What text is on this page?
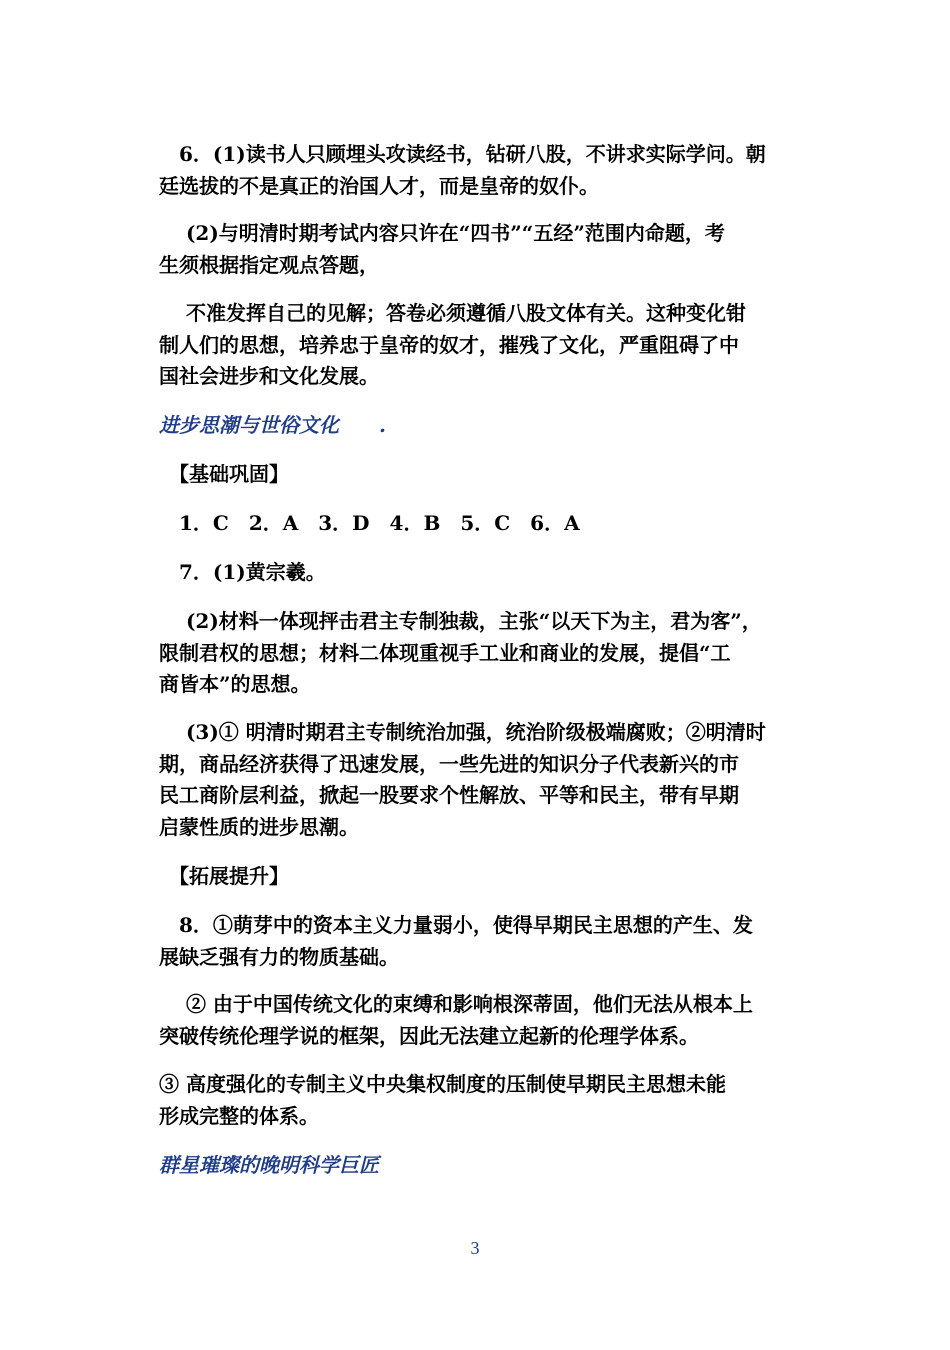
　6．(1)读书人只顾埋头攻读经书，钻研八股，不讲求实际学问。朝
廷选拔的不是真正的治国人才，而是皇帝的奴仆。
　 (2)与明清时期考试内容只许在“四书”“五经”范围内命题，考
生须根据指定观点答题，
　 不准发挥自己的见解；答卷必须遵循八股文体有关。这种变化钳
制人们的思想，培养忠于皇帝的奴才，摧残了文化，严重阻碍了中
国社会进步和文化发展。
进步思潮与世俗文化　　.
　【基础巩固】
　1．C　2．A　3．D　4．B　5．C　6．A
　7．(1)黄宗羲。
　 (2)材料一体现抨击君主专制独裁，主张“以天下为主，君为客”，
限制君权的思想；材料二体现重视手工业和商业的发展，提倡“工
商皆本”的思想。
　 (3)① 明清时期君主专制统治加强，统治阶级极端腐败；②明清时
期，商品经济获得了迅速发展，一些先进的知识分子代表新兴的市
民工商阶层利益，掀起一股要求个性解放、平等和民主，带有早期
启蒙性质的进步思潮。
　【拓展提升】
　8．①萌芽中的资本主义力量弱小，使得早期民主思想的产生、发
展缺乏强有力的物质基础。
　 ② 由于中国传统文化的束缚和影响根深蒂固，他们无法从根本上
突破传统伦理学说的框架，因此无法建立起新的伦理学体系。
③ 高度强化的专制主义中央集权制度的压制使早期民主思想未能
形成完整的体系。
群星璀璨的晚明科学巨匠
3
